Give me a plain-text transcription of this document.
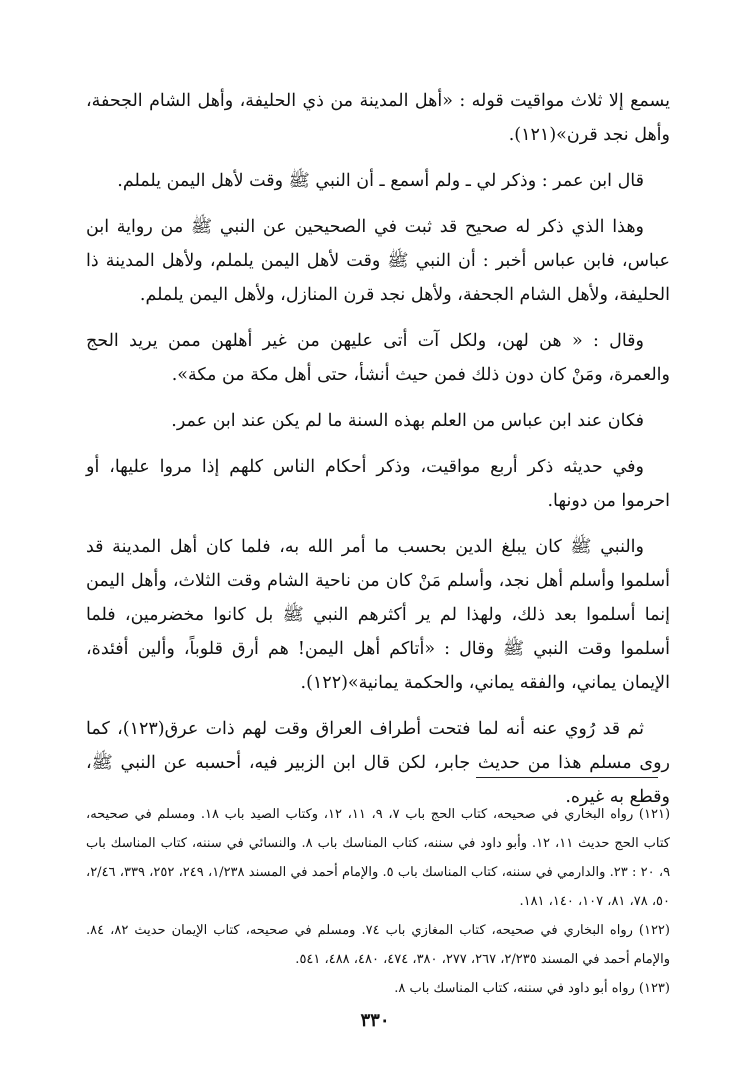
يسمع إلا ثلاث مواقيت قوله : «أهل المدينة من ذي الحليفة، وأهل الشام الجحفة، وأهل نجد قرن»(١٢١).

قال ابن عمر : وذكر لي ـ ولم أسمع ـ أن النبي ﷺ وقت لأهل اليمن يلملم.

وهذا الذي ذكر له صحيح قد ثبت في الصحيحين عن النبي ﷺ من رواية ابن عباس، فابن عباس أخبر : أن النبي ﷺ وقت لأهل اليمن يلملم، ولأهل المدينة ذا الحليفة، ولأهل الشام الجحفة، ولأهل نجد قرن المنازل، ولأهل اليمن يلملم.

وقال : « هن لهن، ولكل آت أتى عليهن من غير أهلهن ممن يريد الحج والعمرة، ومَنْ كان دون ذلك فمن حيث أنشأ، حتى أهل مكة من مكة».

فكان عند ابن عباس من العلم بهذه السنة ما لم يكن عند ابن عمر.

وفي حديثه ذكر أربع مواقيت، وذكر أحكام الناس كلهم إذا مروا عليها، أو احرموا من دونها.

والنبي ﷺ كان يبلغ الدين بحسب ما أمر الله به، فلما كان أهل المدينة قد أسلموا وأسلم أهل نجد، وأسلم مَنْ كان من ناحية الشام وقت الثلاث، وأهل اليمن إنما أسلموا بعد ذلك، ولهذا لم ير أكثرهم النبي ﷺ بل كانوا مخضرمين، فلما أسلموا وقت النبي ﷺ وقال : «أتاكم أهل اليمن! هم أرق قلوباً، وألين أفئدة، الإيمان يماني، والفقه يماني، والحكمة يمانية»(١٢٢).

ثم قد رُوي عنه أنه لما فتحت أطراف العراق وقت لهم ذات عرق(١٢٣)، كما روى مسلم هذا من حديث جابر، لكن قال ابن الزبير فيه، أحسبه عن النبي ﷺ، وقطع به غيره.

(١٢١) رواه البخاري في صحيحه، كتاب الحج باب ٧، ٩، ١١، ١٢، وكتاب الصيد باب ١٨. ومسلم في صحيحه، كتاب الحج حديث ١١، ١٢. وأبو داود في سننه، كتاب المناسك باب ٨. والنسائي في سننه، كتاب المناسك باب ٩، ٢٠ : ٢٣. والدارمي في سننه، كتاب المناسك باب ٥. والإمام أحمد في المسند ١/٢٣٨، ٢٤٩، ٢٥٢، ٣٣٩، ٢/٤٦، ٥٠، ٧٨، ٨١، ١٠٧، ١٤٠، ١٨١.

(١٢٢) رواه البخاري في صحيحه، كتاب المغازي باب ٧٤. ومسلم في صحيحه، كتاب الإيمان حديث ٨٢، ٨٤. والإمام أحمد في المسند ٢/٢٣٥، ٢٦٧، ٢٧٧، ٣٨٠، ٤٧٤، ٤٨٠، ٤٨٨، ٥٤١.

(١٢٣) رواه أبو داود في سننه، كتاب المناسك باب ٨.

٣٣٠
